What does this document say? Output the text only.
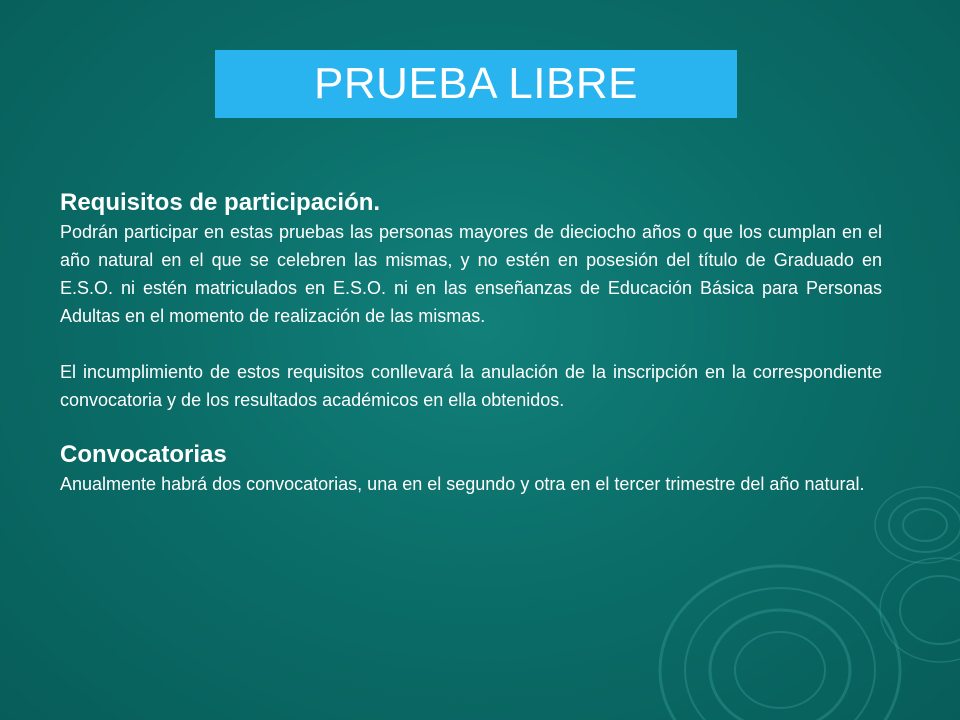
PRUEBA LIBRE
Requisitos de participación.

Podrán participar en estas pruebas las personas mayores de dieciocho años o que los cumplan en el año natural en el que se celebren las mismas, y no estén en posesión del título de Graduado en E.S.O. ni estén matriculados en E.S.O. ni en las enseñanzas de Educación Básica para Personas Adultas en el momento de realización de las mismas.

El incumplimiento de estos requisitos conllevará la anulación de la inscripción en la correspondiente convocatoria y de los resultados académicos en ella obtenidos.

Convocatorias

Anualmente habrá dos convocatorias, una en el segundo y otra en el tercer trimestre del año natural.
